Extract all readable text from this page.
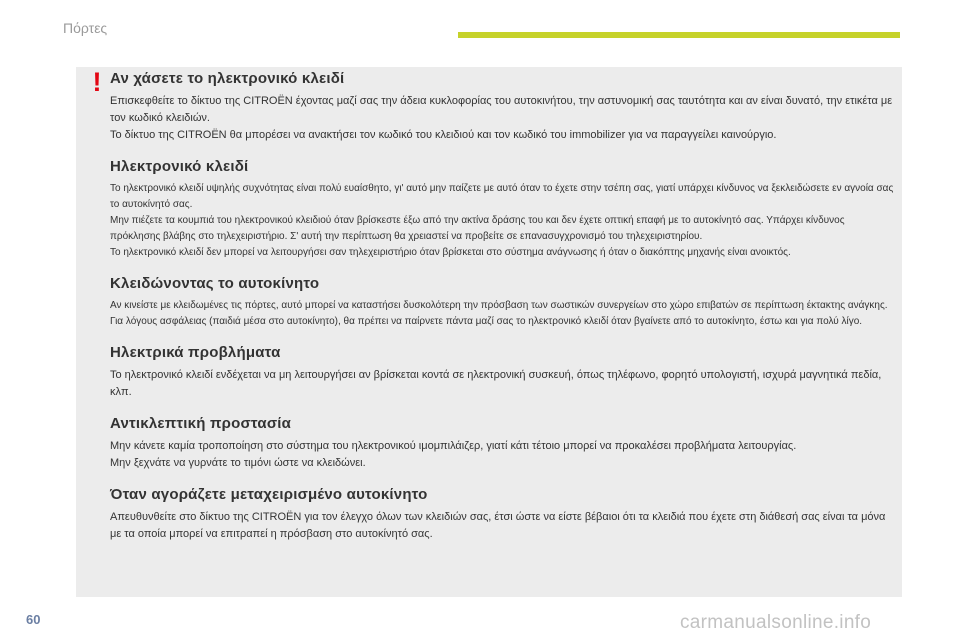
Πόρτες
! Αν χάσετε το ηλεκτρονικό κλειδί

Επισκεφθείτε το δίκτυο της CITROËN έχοντας μαζί σας την άδεια κυκλοφορίας του αυτοκινήτου, την αστυνομική σας ταυτότητα και αν είναι δυνατό, την ετικέτα με τον κωδικό κλειδιών.

Το δίκτυο της CITROËN θα μπορέσει να ανακτήσει τον κωδικό του κλειδιού και τον κωδικό του immobilizer για να παραγγείλει καινούργιο.

Ηλεκτρονικό κλειδί

Το ηλεκτρονικό κλειδί υψηλής συχνότητας είναι πολύ ευαίσθητο, γι' αυτό μην παίζετε με αυτό όταν το έχετε στην τσέπη σας, γιατί υπάρχει κίνδυνος να ξεκλειδώσετε εν αγνοία σας το αυτοκίνητό σας.

Μην πιέζετε τα κουμπιά του ηλεκτρονικού κλειδιού όταν βρίσκεστε έξω από την ακτίνα δράσης του και δεν έχετε οπτική επαφή με το αυτοκίνητό σας. Υπάρχει κίνδυνος πρόκλησης βλάβης στο τηλεχειριστήριο. Σ' αυτή την περίπτωση θα χρειαστεί να προβείτε σε επανασυγχρονισμό του τηλεχειριστηρίου.

Το ηλεκτρονικό κλειδί δεν μπορεί να λειτουργήσει σαν τηλεχειριστήριο όταν βρίσκεται στο σύστημα ανάγνωσης ή όταν ο διακόπτης μηχανής είναι ανοικτός.

Κλειδώνοντας το αυτοκίνητο

Αν κινείστε με κλειδωμένες τις πόρτες, αυτό μπορεί να καταστήσει δυσκολότερη την πρόσβαση των σωστικών συνεργείων στο χώρο επιβατών σε περίπτωση έκτακτης ανάγκης.

Για λόγους ασφάλειας (παιδιά μέσα στο αυτοκίνητο), θα πρέπει να παίρνετε πάντα μαζί σας το ηλεκτρονικό κλειδί όταν βγαίνετε από το αυτοκίνητο, έστω και για πολύ λίγο.

Ηλεκτρικά προβλήματα

Το ηλεκτρονικό κλειδί ενδέχεται να μη λειτουργήσει αν βρίσκεται κοντά σε ηλεκτρονική συσκευή, όπως τηλέφωνο, φορητό υπολογιστή, ισχυρά μαγνητικά πεδία, κλπ.

Αντικλεπτική προστασία

Μην κάνετε καμία τροποποίηση στο σύστημα του ηλεκτρονικού ιμομπιλάιζερ, γιατί κάτι τέτοιο μπορεί να προκαλέσει προβλήματα λειτουργίας.

Μην ξεχνάτε να γυρνάτε το τιμόνι ώστε να κλειδώνει.

Όταν αγοράζετε μεταχειρισμένο αυτοκίνητο

Απευθυνθείτε στο δίκτυο της CITROËN για τον έλεγχο όλων των κλειδιών σας, έτσι ώστε να είστε βέβαιοι ότι τα κλειδιά που έχετε στη διάθεσή σας είναι τα μόνα με τα οποία μπορεί να επιτραπεί η πρόσβαση στο αυτοκίνητό σας.

60	carmanualsonline.info
